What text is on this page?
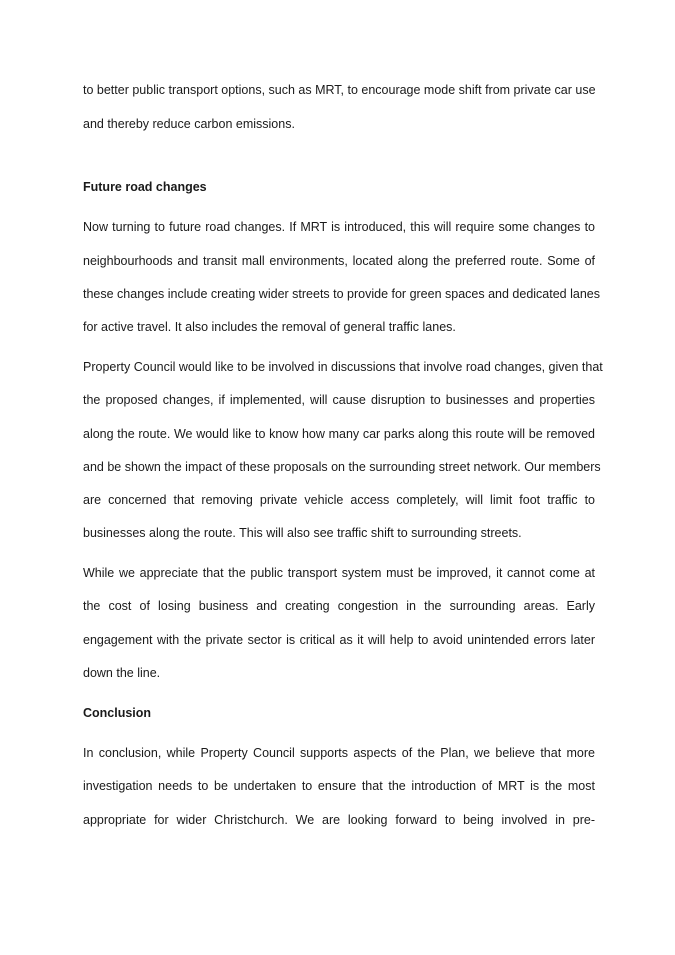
to better public transport options, such as MRT, to encourage mode shift from private car use
and thereby reduce carbon emissions.
Future road changes
Now turning to future road changes. If MRT is introduced, this will require some changes to
neighbourhoods and transit mall environments, located along the preferred route. Some of
these changes include creating wider streets to provide for green spaces and dedicated lanes
for active travel. It also includes the removal of general traffic lanes.
Property Council would like to be involved in discussions that involve road changes, given that
the proposed changes, if implemented, will cause disruption to businesses and properties
along the route. We would like to know how many car parks along this route will be removed
and be shown the impact of these proposals on the surrounding street network. Our members
are concerned that removing private vehicle access completely, will limit foot traffic to
businesses along the route. This will also see traffic shift to surrounding streets.
While we appreciate that the public transport system must be improved, it cannot come at
the cost of losing business and creating congestion in the surrounding areas. Early
engagement with the private sector is critical as it will help to avoid unintended errors later
down the line.
Conclusion
In conclusion, while Property Council supports aspects of the Plan, we believe that more
investigation needs to be undertaken to ensure that the introduction of MRT is the most
appropriate for wider Christchurch. We are looking forward to being involved in pre-
